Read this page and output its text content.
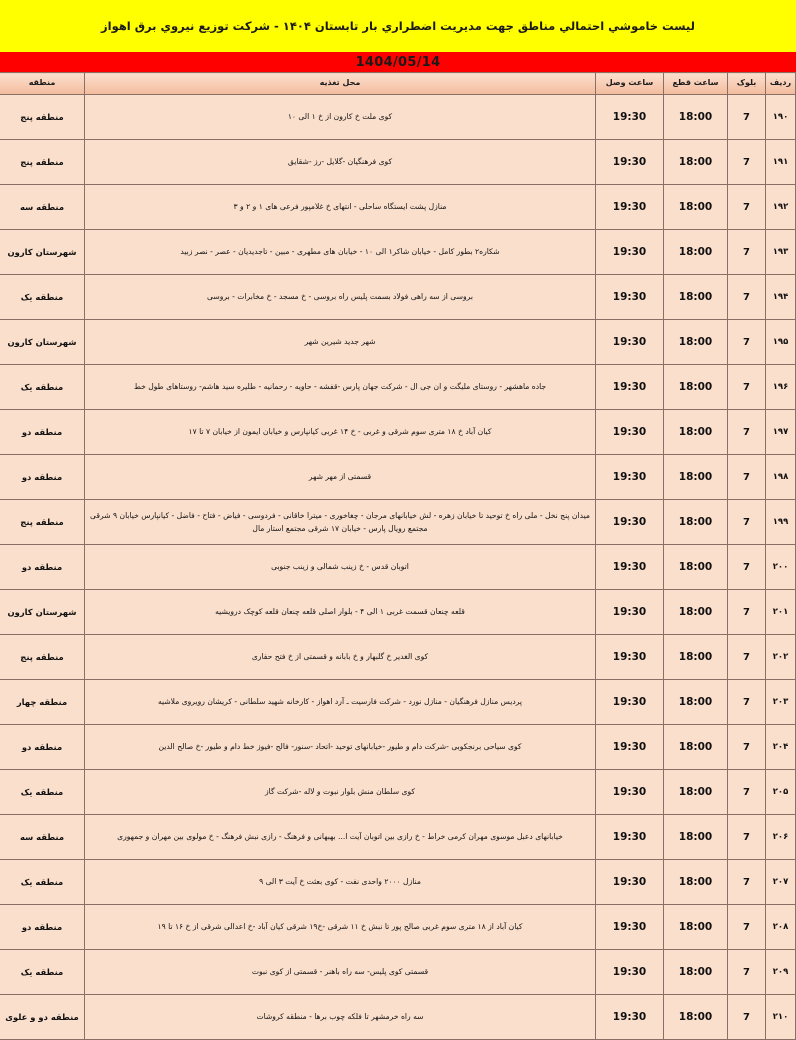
ليست خاموشي احتمالي مناطق جهت مديريت اضطراري بار تابستان ۱۴۰۴ - شركت توزيع نيروي برق اهواز
1404/05/14
رديف	بلوک	ساعت قطع	ساعت وصل	محل تغذيه	منطقه
۱۹۰	7	18:00	19:30	کوی ملت خ کارون از خ ۱ الی ۱۰	منطقه پنج
۱۹۱	7	18:00	19:30	کوی فرهنگیان -گلایل -رز -شقایق	منطقه پنج
۱۹۲	7	18:00	19:30	منازل پشت ایستگاه ساحلی - انتهای خ غلامپور فرعی های ۱ و ۲ و ۳	منطقه سه
۱۹۳	7	18:00	19:30	شکاره۲ بطور کامل - خیابان شاکر۱ الی ۱۰ - خیابان های مطهری - مبین - تاجدیدیان - عصر - نصر زبید	شهرستان کارون
۱۹۴	7	18:00	19:30	بروسی از سه راهی فولاد بسمت پلیس راه بروسی - خ مسجد - خ مخابرات - بروسی	منطقه یک
۱۹۵	7	18:00	19:30	شهر جدید شیرین شهر	شهرستان کارون
۱۹۶	7	18:00	19:30	جاده ماهشهر - روستای ملیگت و ان جی ال - شرکت جهان پارس -قفشه - حاویه - رحمانیه - طلیره سید هاشم- روستاهای طول خط	منطقه یک
۱۹۷	7	18:00	19:30	کیان آباد خ ۱۸ متری سوم شرقی و غربی - خ ۱۴ غربی کیانپارس و خیابان ایمون از خیابان ۷ تا ۱۷	منطقه دو
۱۹۸	7	18:00	19:30	قسمتی از مهر شهر	منطقه دو
۱۹۹	7	18:00	19:30	میدان پنج نخل - ملی راه خ توحید تا خیابان زهره - لش خیابانهای مرجان - چغاخوری - میترا خاقانی - فردوسی - فیاض - فتاح - فاضل - کیانپارس خیابان ۹ شرقی مجتمع رویال پارس - خیابان ۱۷ شرقی مجتمع استار مال	منطقه پنج
۲۰۰	7	18:00	19:30	اتوبان قدس - خ زینب شمالی و زینب جنوبی	منطقه دو
۲۰۱	7	18:00	19:30	قلعه چنعان قسمت غربی ۱ الی ۴ - بلوار اصلی قلعه چنعان قلعه کوچک درویشیه	شهرستان کارون
۲۰۲	7	18:00	19:30	کوی الغدیر خ گلبهار و خ بابانه و قسمتی از خ فتح حفاری	منطقه پنج
۲۰۳	7	18:00	19:30	پردیس منازل فرهنگیان - منازل نورد - شرکت فارسیت ـ آرد اهواز - کارخانه شهید سلطانی - کریشان رویروی ملاشیه	منطقه چهار
۲۰۴	7	18:00	19:30	کوی سیاحی برنجکوبی -شرکت دام و طیور -خیابانهای توحید -اتحاد -سنور- فالح -فیوز خط دام و طیور -خ صالح الدین	منطقه دو
۲۰۵	7	18:00	19:30	کوی سلطان منش بلوار نبوت و لاله -شرکت گاز	منطقه یک
۲۰۶	7	18:00	19:30	خیابانهای دعبل موسوی مهران کرمی خراط - خ رازی بین اتوبان آیت ا... بهبهانی و فرهنگ - رازی نبش فرهنگ - خ مولوی بین مهران و جمهوری	منطقه سه
۲۰۷	7	18:00	19:30	منازل ۲۰۰۰ واحدی نفت - کوی بعثت خ آیت ۳ الی ۹	منطقه یک
۲۰۸	7	18:00	19:30	کیان آباد از ۱۸ متری سوم غربی صالح پور تا نبش خ ۱۱ شرقی -خ۱۹ شرقی کیان آباد -خ اعدالی شرقی از خ ۱۶ تا ۱۹	منطقه دو
۲۰۹	7	18:00	19:30	قسمتی کوی پلیس- سه راه باهنر - قسمتی از کوی نبوت	منطقه یک
۲۱۰	7	18:00	19:30	سه راه خرمشهر تا فلکه چوب برها - منطقه کروشات	منطقه دو و علوی
